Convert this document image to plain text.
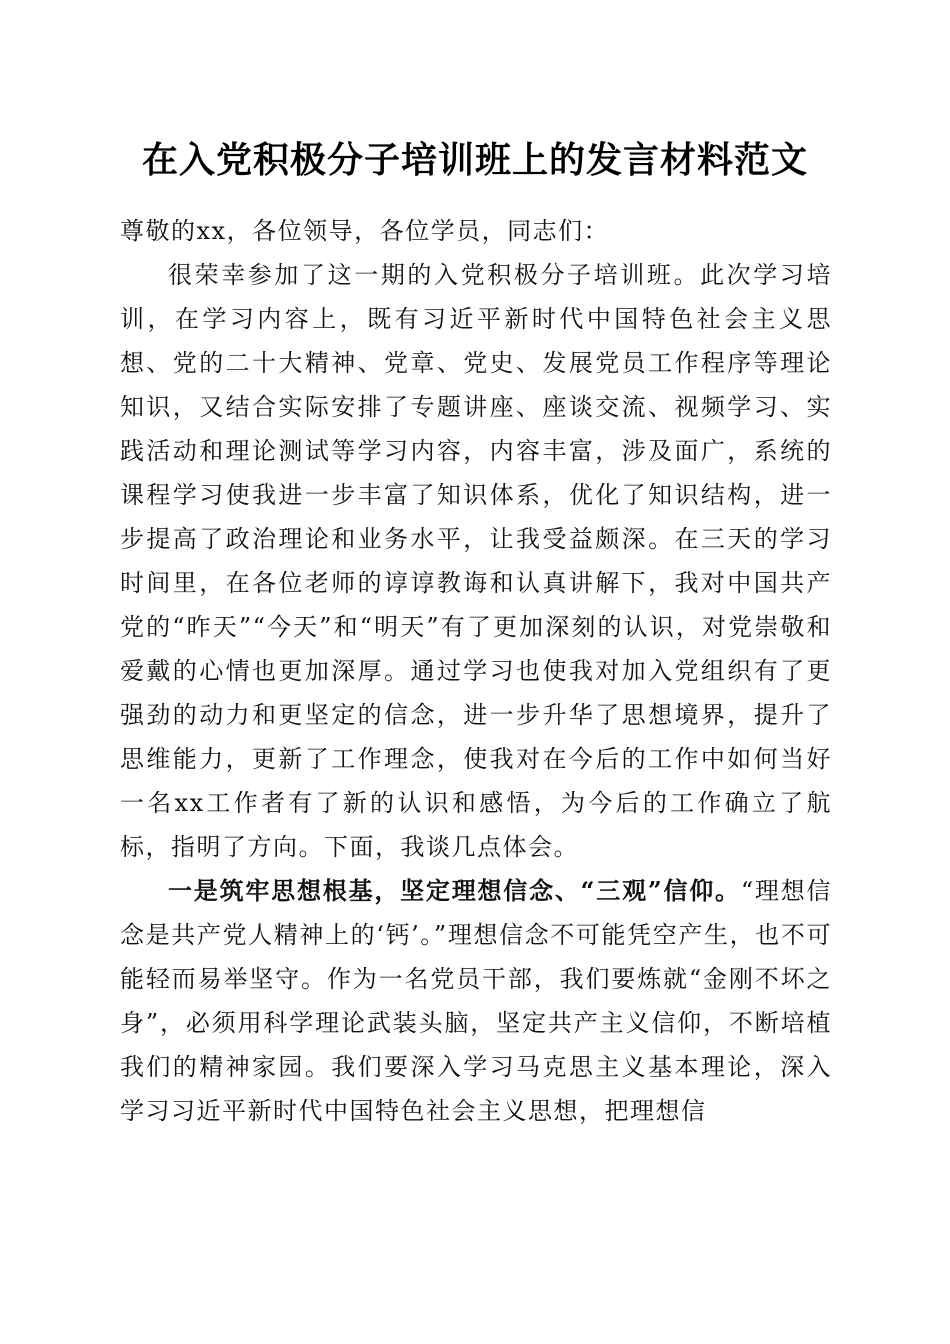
在入党积极分子培训班上的发言材料范文

尊敬的xx，各位领导，各位学员，同志们：

很荣幸参加了这一期的入党积极分子培训班。此次学习培训，在学习内容上，既有习近平新时代中国特色社会主义思想、党的二十大精神、党章、党史、发展党员工作程序等理论知识，又结合实际安排了专题讲座、座谈交流、视频学习、实践活动和理论测试等学习内容，内容丰富，涉及面广，系统的课程学习使我进一步丰富了知识体系，优化了知识结构，进一步提高了政治理论和业务水平，让我受益颇深。在三天的学习时间里，在各位老师的谆谆教诲和认真讲解下，我对中国共产党的“昨天”“今天”和“明天”有了更加深刻的认识，对党崇敬和爱戴的心情也更加深厚。通过学习也使我对加入党组织有了更强劲的动力和更坚定的信念，进一步升华了思想境界，提升了思维能力，更新了工作理念，使我对在今后的工作中如何当好一名xx工作者有了新的认识和感悟，为今后的工作确立了航标，指明了方向。下面，我谈几点体会。

一是筑牢思想根基，坚定理想信念、“三观”信仰。“理想信念是共产党人精神上的‘钙’。”理想信念不可能凭空产生，也不可能轻而易举坚守。作为一名党员干部，我们要炼就“金刚不坏之身”，必须用科学理论武装头脑，坚定共产主义信仰，不断培植我们的精神家园。我们要深入学习马克思主义基本理论，深入学习习近平新时代中国特色社会主义思想，把理想信
